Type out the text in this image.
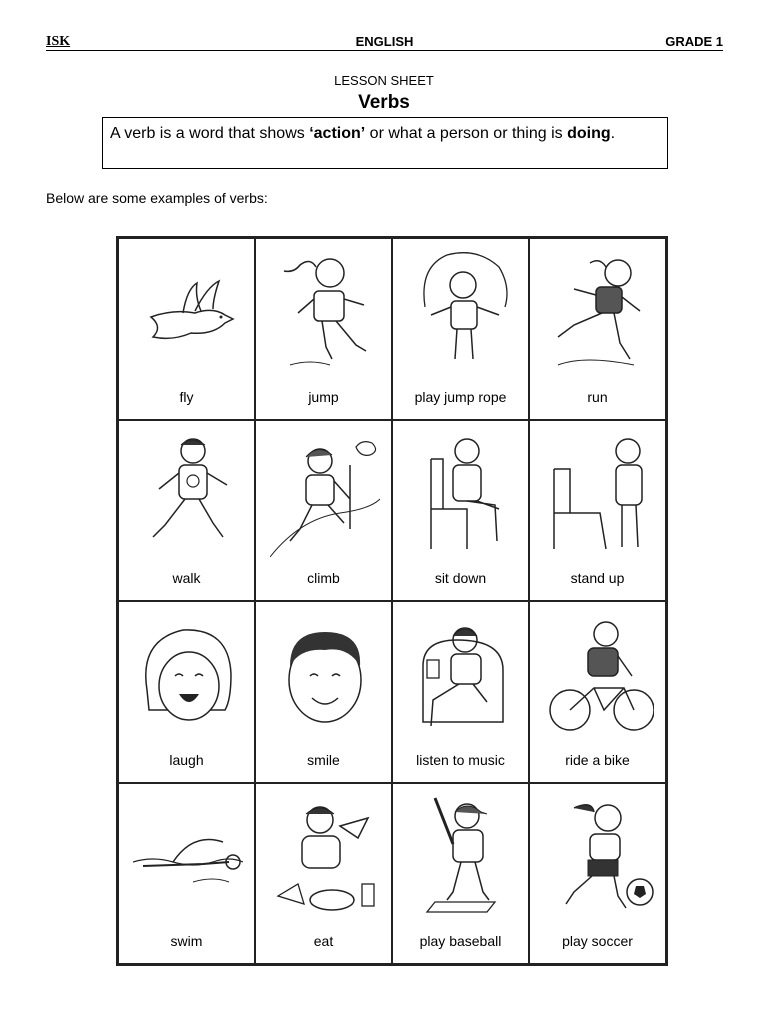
ISK	ENGLISH	GRADE 1
LESSON SHEET
Verbs
A verb is a word that shows ‘action’ or what a person or thing is doing.
Below are some examples of verbs:
fly	jump	play jump rope	run
walk	climb	sit down	stand up
laugh	smile	listen to music	ride a bike
swim	eat	play baseball	play soccer
